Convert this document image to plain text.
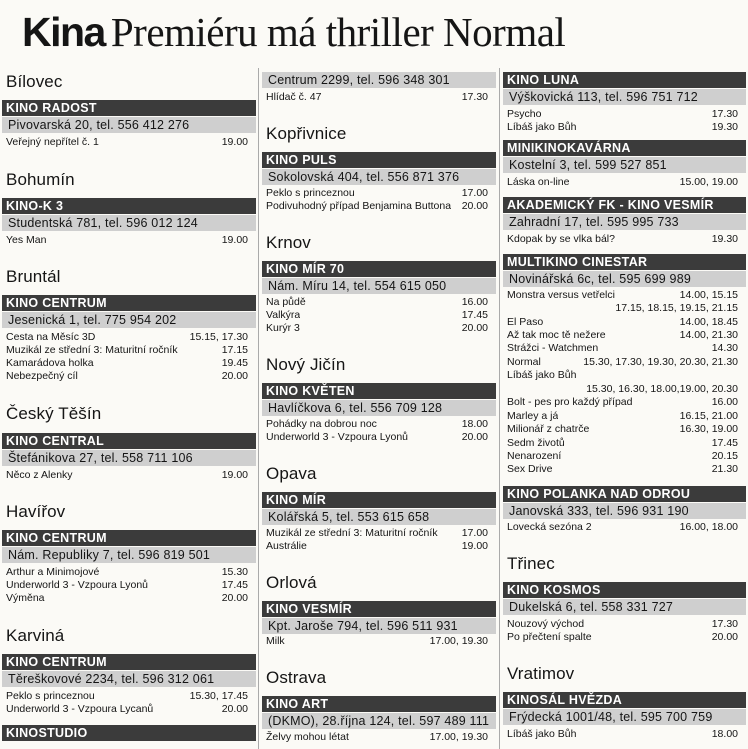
Kina Premiéru má thriller Normal
Bílovec
KINO RADOST
Pivovarská 20, tel. 556 412 276
Veřejný nepřítel č. 1	19.00
Bohumín
KINO-K 3
Studentská 781, tel. 596 012 124
Yes Man	19.00
Bruntál
KINO CENTRUM
Jesenická 1, tel. 775 954 202
Cesta na Měsíc 3D	15.15, 17.30
Muzikál ze střední 3: Maturitní ročník	17.15
Kamarádova holka	19.45
Nebezpečný cíl	20.00
Český Těšín
KINO CENTRAL
Štefánikova 27, tel. 558 711 106
Něco z Alenky	19.00
Havířov
KINO CENTRUM
Nám. Republiky 7, tel. 596 819 501
Arthur a Minimojové	15.30
Underworld 3 - Vzpoura Lyonů	17.45
Výměna	20.00
Karviná
KINO CENTRUM
Těreškovové 2234, tel. 596 312 061
Peklo s princeznou	15.30, 17.45
Underworld 3 - Vzpoura Lycanů	20.00
KINOSTUDIO
Centrum 2299, tel. 596 348 301
Hlídač č. 47	17.30
Kopřivnice
KINO PULS
Sokolovská 404, tel. 556 871 376
Peklo s princeznou	17.00
Podivuhodný případ Benjamina Buttona 20.00
Krnov
KINO MÍR 70
Nám. Míru 14, tel. 554 615 050
Na půdě	16.00
Valkýra	17.45
Kurýr 3	20.00
Nový Jičín
KINO KVĚTEN
Havlíčkova 6, tel. 556 709 128
Pohádky na dobrou noc	18.00
Underworld 3 - Vzpoura Lyonů	20.00
Opava
KINO MÍR
Kolářská 5, tel. 553 615 658
Muzikál ze střední 3: Maturitní ročník 17.00
Austrálie	19.00
Orlová
KINO VESMÍR
Kpt. Jaroše 794, tel. 596 511 931
Milk	17.00, 19.30
Ostrava
KINO ART
(DKMO), 28.října 124, tel. 597 489 111
Želvy mohou létat	17.00, 19.30
KINO LUNA
Výškovická 113, tel. 596 751 712
Psycho	17.30
Líbáš jako Bůh	19.30
MINIKINOKAVÁRNA
Kostelní 3, tel. 599 527 851
Láska on-line	15.00, 19.00
AKADEMICKÝ FK - KINO VESMÍR
Zahradní 17, tel. 595 995 733
Kdopak by se vlka bál?	19.30
MULTIKINO CINESTAR
Novinářská 6c, tel. 595 699 989
Monstra versus vetřelci	14.00, 15.15
17.15, 18.15, 19.15, 21.15
El Paso	14.00, 18.45
Až tak moc tě nežere	14.00, 21.30
Strážci - Watchmen	14.30
Normal	15.30, 17.30, 19.30, 20.30, 21.30
Líbáš jako Bůh
15.30, 16.30, 18.00,19.00, 20.30
Bolt - pes pro každý případ	16.00
Marley a já	16.15, 21.00
Milionář z chatrče	16.30, 19.00
Sedm životů	17.45
Nenarození	20.15
Sex Drive	21.30
KINO POLANKA NAD ODROU
Janovská 333, tel. 596 931 190
Lovecká sezóna 2	16.00, 18.00
Třinec
KINO KOSMOS
Dukelská 6, tel. 558 331 727
Nouzový východ	17.30
Po přečtení spalte	20.00
Vratimov
KINOSÁL HVĚZDA
Frýdecká 1001/48, tel. 595 700 759
Líbáš jako Bůh	18.00
